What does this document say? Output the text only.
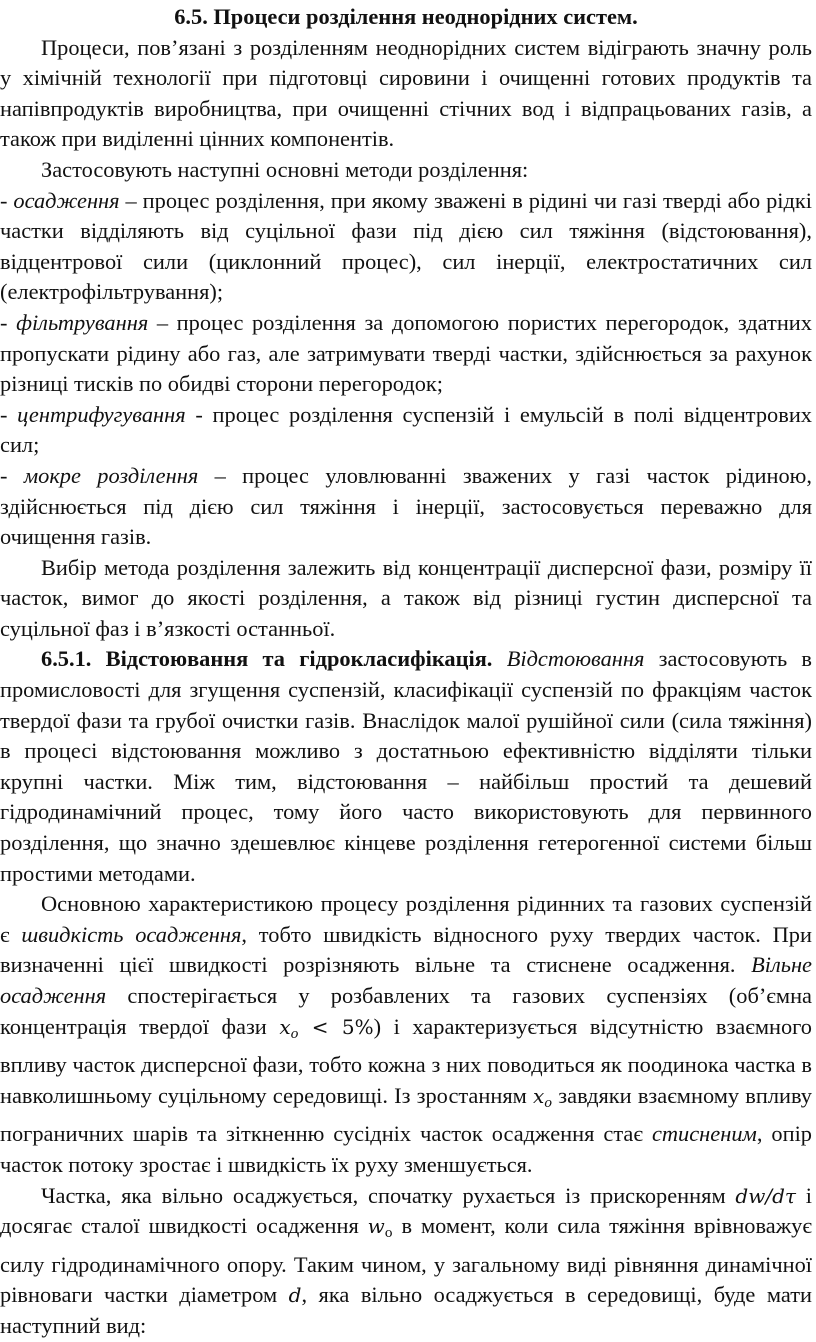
6.5. Процеси розділення неоднорідних систем.

Процеси, пов’язані з розділенням неоднорідних систем відіграють значну роль у хімічній технології при підготовці сировини і очищенні готових продуктів та напівпродуктів виробництва, при очищенні стічних вод і відпрацьованих газів, а також при виділенні цінних компонентів.

Застосовують наступні основні методи розділення:

- осадження – процес розділення, при якому зважені в рідині чи газі тверді або рідкі частки відділяють від суцільної фази під дією сил тяжіння (відстоювання), відцентрової сили (циклонний процес), сил інерції, електростатичних сил (електрофільтрування);

- фільтрування – процес розділення за допомогою пористих перегородок, здатних пропускати рідину або газ, але затримувати тверді частки, здійснюється за рахунок різниці тисків по обидві сторони перегородок;

- центрифугування - процес розділення суспензій і емульсій в полі відцентрових сил;

- мокре розділення – процес уловлюванні зважених у газі часток рідиною, здійснюється під дією сил тяжіння і інерції, застосовується переважно для очищення газів.

Вибір метода розділення залежить від концентрації дисперсної фази, розміру її часток, вимог до якості розділення, а також від різниці густин дисперсної та суцільної фаз і в’язкості останньої.

6.5.1. Відстоювання та гідрокласифікація. Відстоювання застосовують в промисловості для згущення суспензій, класифікації суспензій по фракціям часток твердої фази та грубої очистки газів. Внаслідок малої рушійної сили (сила тяжіння) в процесі відстоювання можливо з достатньою ефективністю відділяти тільки крупні частки. Між тим, відстоювання – найбільш простий та дешевий гідродинамічний процес, тому його часто використовують для первинного розділення, що значно здешевлює кінцеве розділення гетерогенної системи більш простими методами.

Основною характеристикою процесу розділення рідинних та газових суспензій є швидкість осадження, тобто швидкість відносного руху твердих часток. При визначенні цієї швидкості розрізняють вільне та стиснене осадження. Вільне осадження спостерігається у розбавлених та газових суспензіях (об’ємна концентрація твердої фази $x_o < 5\%$) і характеризується відсутністю взаємного впливу часток дисперсної фази, тобто кожна з них поводиться як поодинока частка в навколишньому суцільному середовищі. Із зростанням $x_o$ завдяки взаємному впливу пограничних шарів та зіткненню сусідніх часток осадження стає стисненим, опір часток потоку зростає і швидкість їх руху зменшується.

Частка, яка вільно осаджується, спочатку рухається із прискоренням dw/dτ і досягає сталої швидкості осадження $w_o$ в момент, коли сила тяжіння врівноважує силу гідродинамічного опору. Таким чином, у загальному виді рівняння динамічної рівноваги частки діаметром d, яка вільно осаджується в середовищі, буде мати наступний вид:
